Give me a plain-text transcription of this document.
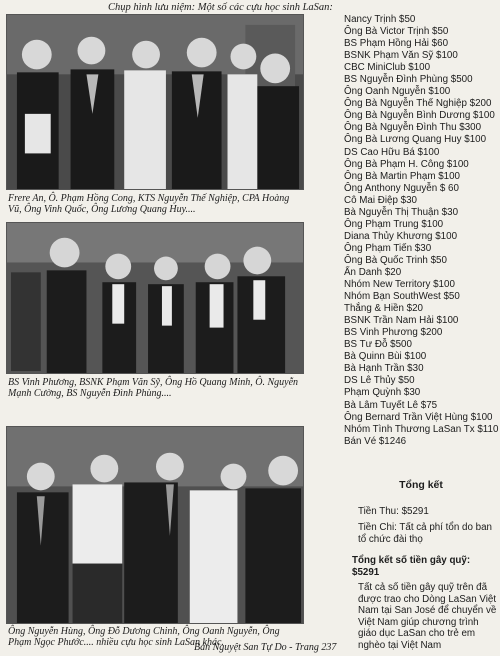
Chụp hình lưu niệm: Một số các cựu học sinh LaSan:
Frere An, Ô. Phạm Hồng Cong, KTS Nguyễn Thế Nghiệp, CPA Hoàng Vũ, Ông Vinh Quốc, Ông Lương Quang Huy....
BS Vinh Phương, BSNK Phạm Văn Sỹ, Ông Hồ Quang Minh, Ô. Nguyễn Mạnh Cường, BS Nguyễn Đình Phùng....
Ông Nguyễn Hùng, Ông Đỗ Dương Chinh, Ông Oanh Nguyễn, Ông Phạm Ngọc Phước.... nhiều cựu học sinh LaSan khác.
Nancy Trịnh $50
Ông Bà Victor Trịnh $50
BS Phạm Hồng Hải $60
BSNK Phạm Văn Sỹ $100
CBC MiniClub $100
BS Nguyễn Đình Phùng $500
Ông Oanh Nguyễn $100
Ông Bà Nguyễn Thế Nghiệp $200
Ông Bà Nguyễn Bình Dương $100
Ông Bà Nguyễn Đình Thu $300
Ông Bà Lương Quang Huy $100
DS Cao Hữu Bá $100
Ông Bà Phạm H. Công $100
Ông Bà Martin Phạm $100
Ông Anthony Nguyễn $ 60
Cô Mai Điệp $30
Bà Nguyễn Thị Thuận $30
Ông Phạm Trung $100
Diana Thủy Khương $100
Ông Phạm Tiến $30
Ông Bà Quốc Trinh $50
Ẩn Danh $20
Nhóm New Territory $100
Nhóm Bạn SouthWest $50
Thắng & Hiền $20
BSNK Trần Nam Hải $100
BS Vinh Phương $200
BS Tư Đỗ $500
Bà Quinn Bùi $100
Bà Hạnh Trần $30
DS Lê Thủy $50
Phạm Quỳnh $30
Bà Lâm Tuyết Lê $75
Ông Bernard Trần Việt Hùng $100
Nhóm Tình Thương LaSan Tx $110
Bán Vé $1246
Tổng kết
Tiền Thu: $5291
Tiền Chi: Tất cả phí tổn do ban tổ chức đài thọ
Tổng kết số tiền gây quỹ: $5291
Tất cả số tiền gây quỹ trên đã được trao cho Dòng LaSan Việt Nam tại San José để chuyển về Việt Nam giúp chương trình giáo dục LaSan cho trẻ em nghèo tại Việt Nam
Bán Nguyệt San Tự Do - Trang 237
